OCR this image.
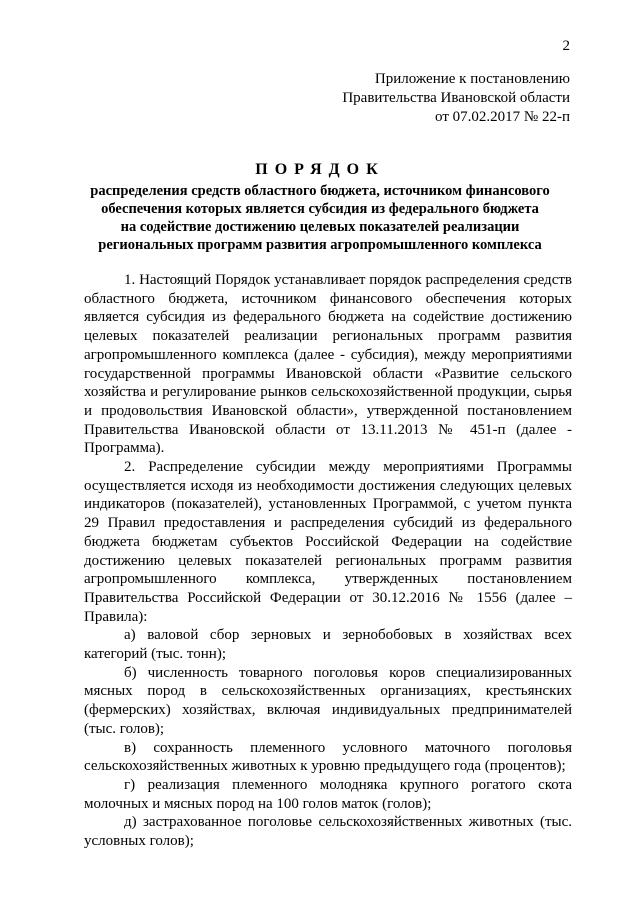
2
Приложение к постановлению
Правительства Ивановской области
от 07.02.2017 № 22-п
ПОРЯДОК
распределения средств областного бюджета, источником финансового
обеспечения которых является субсидия из федерального бюджета
на содействие достижению целевых показателей реализации
региональных программ развития агропромышленного комплекса

1. Настоящий Порядок устанавливает порядок распределения средств областного бюджета, источником финансового обеспечения которых является субсидия из федерального бюджета на содействие достижению целевых показателей реализации региональных программ развития агропромышленного комплекса (далее - субсидия), между мероприятиями государственной программы Ивановской области «Развитие сельского хозяйства и регулирование рынков сельскохозяйственной продукции, сырья и продовольствия Ивановской области», утвержденной постановлением Правительства Ивановской области от 13.11.2013 № 451-п (далее - Программа).

2. Распределение субсидии между мероприятиями Программы осуществляется исходя из необходимости достижения следующих целевых индикаторов (показателей), установленных Программой, с учетом пункта 29 Правил предоставления и распределения субсидий из федерального бюджета бюджетам субъектов Российской Федерации на содействие достижению целевых показателей региональных программ развития агропромышленного комплекса, утвержденных постановлением Правительства Российской Федерации от 30.12.2016 № 1556 (далее – Правила):

а) валовой сбор зерновых и зернобобовых в хозяйствах всех категорий (тыс. тонн);

б) численность товарного поголовья коров специализированных мясных пород в сельскохозяйственных организациях, крестьянских (фермерских) хозяйствах, включая индивидуальных предпринимателей (тыс. голов);

в) сохранность племенного условного маточного поголовья сельскохозяйственных животных к уровню предыдущего года (процентов);

г) реализация племенного молодняка крупного рогатого скота молочных и мясных пород на 100 голов маток (голов);

д) застрахованное поголовье сельскохозяйственных животных (тыс. условных голов);
